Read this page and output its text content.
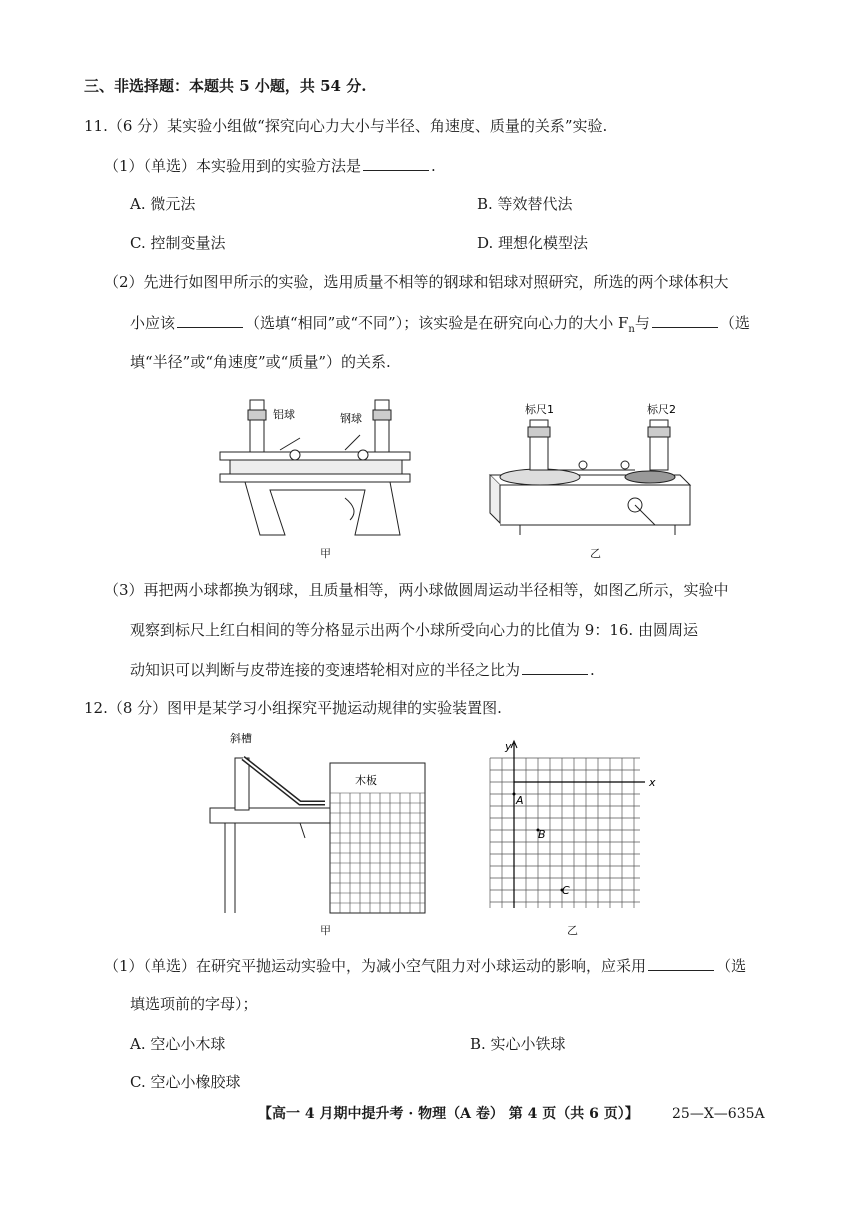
三、非选择题：本题共 5 小题，共 54 分.
11.（6 分）某实验小组做“探究向心力大小与半径、角速度、质量的关系”实验.
（1）（单选）本实验用到的实验方法是	.
A. 微元法	B. 等效替代法
C. 控制变量法	D. 理想化模型法
（2）先进行如图甲所示的实验，选用质量不相等的钢球和铝球对照研究，所选的两个球体积大
小应该	（选填“相同”或“不同”）；该实验是在研究向心力的大小 $F_n$与	（选
填“半径”或“角速度”或“质量”）的关系.
铝球	钢球
甲
标尺1	标尺2
乙
（3）再把两小球都换为钢球，且质量相等，两小球做圆周运动半径相等，如图乙所示，实验中
观察到标尺上红白相间的等分格显示出两个小球所受向心力的比值为 9：16. 由圆周运
动知识可以判断与皮带连接的变速塔轮相对应的半径之比为	.
12.（8 分）图甲是某学习小组探究平抛运动规律的实验装置图.
斜槽
木板
甲
y
x
A
B
C
乙
（1）（单选）在研究平抛运动实验中，为减小空气阻力对小球运动的影响，应采用	（选
填选项前的字母）；
A. 空心小木球	B. 实心小铁球
C. 空心小橡胶球
【高一 4 月期中提升考 · 物理（A 卷） 第 4 页（共 6 页）】 25—X—635A
